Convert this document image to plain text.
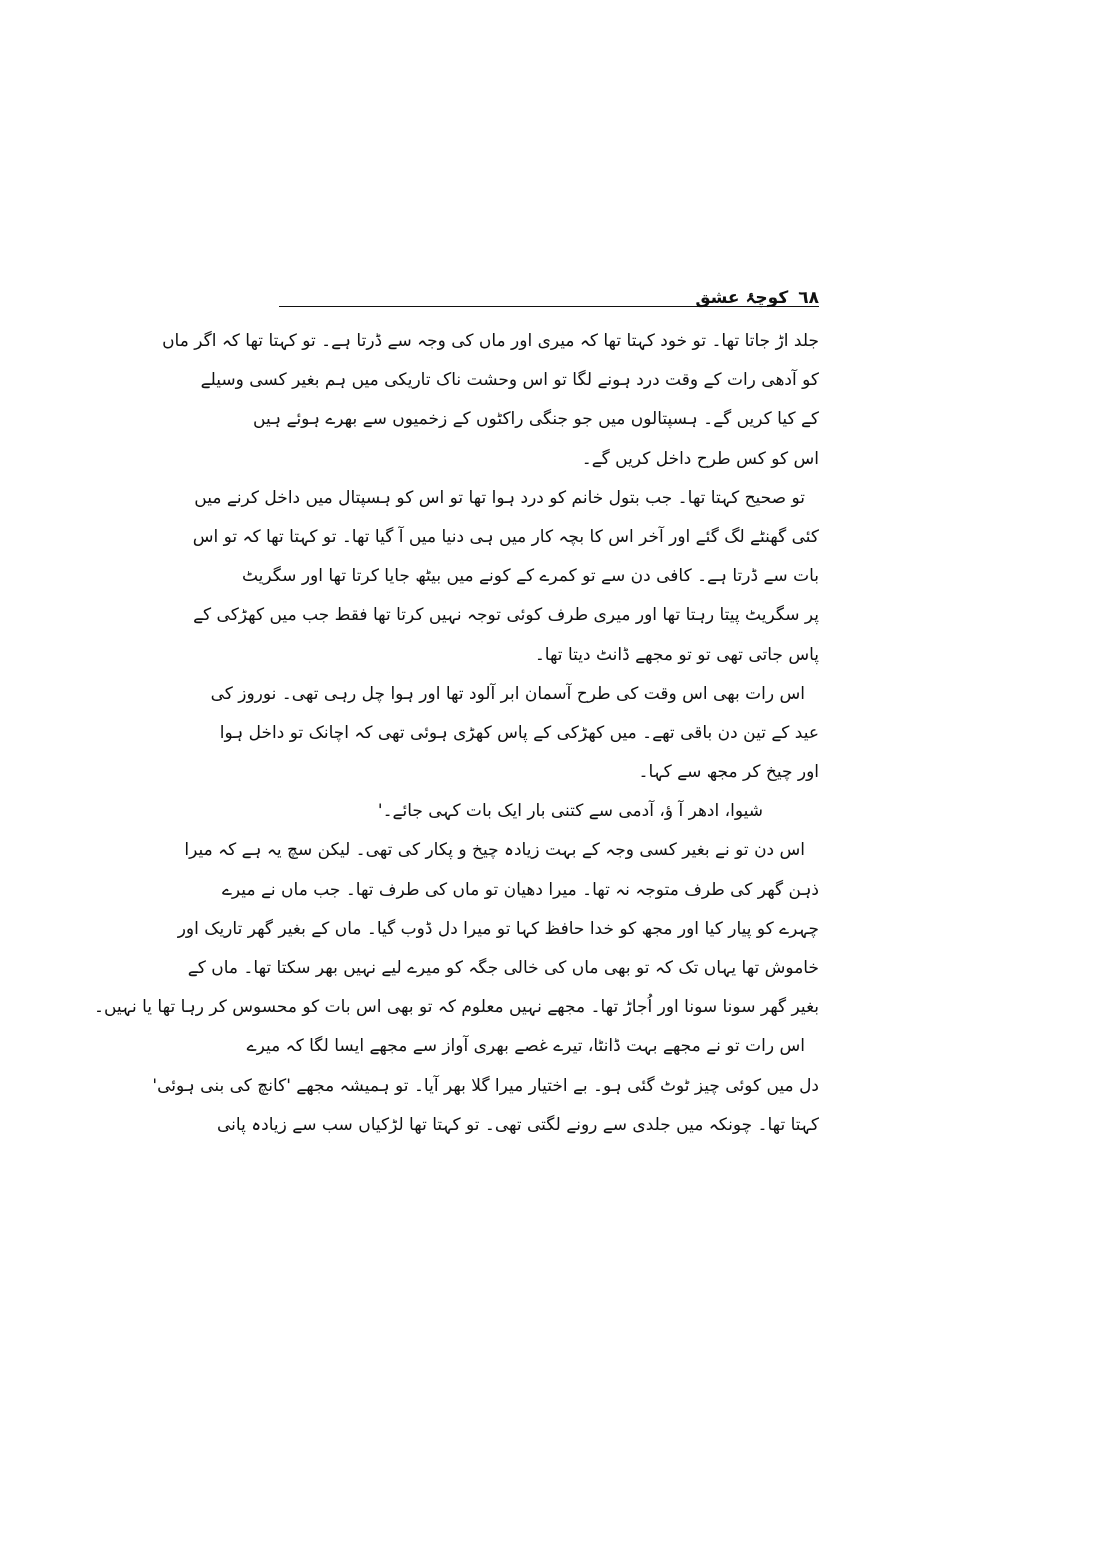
٦٨
کوچۂ عشق
جلد اڑ جاتا تھا۔ تو خود کہتا تھا کہ میری اور ماں کی وجہ سے ڈرتا ہے۔ تو کہتا تھا کہ اگر ماں
کو آدھی رات کے وقت درد ہونے لگا تو اس وحشت ناک تاریکی میں ہم بغیر کسی وسیلے
کے کیا کریں گے۔ ہسپتالوں میں جو جنگی راکٹوں کے زخمیوں سے بھرے ہوئے ہیں
اس کو کس طرح داخل کریں گے۔
تو صحیح کہتا تھا۔ جب بتول خانم کو درد ہوا تھا تو اس کو ہسپتال میں داخل کرنے میں
کئی گھنٹے لگ گئے اور آخر اس کا بچہ کار میں ہی دنیا میں آ گیا تھا۔ تو کہتا تھا کہ تو اس
بات سے ڈرتا ہے۔ کافی دن سے تو کمرے کے کونے میں بیٹھ جایا کرتا تھا اور سگریٹ
پر سگریٹ پیتا رہتا تھا اور میری طرف کوئی توجہ نہیں کرتا تھا فقط جب میں کھڑکی کے
پاس جاتی تھی تو تو مجھے ڈانٹ دیتا تھا۔
اس رات بھی اس وقت کی طرح آسمان ابر آلود تھا اور ہوا چل رہی تھی۔ نوروز کی
عید کے تین دن باقی تھے۔ میں کھڑکی کے پاس کھڑی ہوئی تھی کہ اچانک تو داخل ہوا
اور چیخ کر مجھ سے کہا۔
شیوا، ادھر آ ؤ، آدمی سے کتنی بار ایک بات کہی جائے۔'
اس دن تو نے بغیر کسی وجہ کے بہت زیادہ چیخ و پکار کی تھی۔ لیکن سچ یہ ہے کہ میرا
ذہن گھر کی طرف متوجہ نہ تھا۔ میرا دھیان تو ماں کی طرف تھا۔ جب ماں نے میرے
چہرے کو پیار کیا اور مجھ کو خدا حافظ کہا تو میرا دل ڈوب گیا۔ ماں کے بغیر گھر تاریک اور
خاموش تھا یہاں تک کہ تو بھی ماں کی خالی جگہ کو میرے لیے نہیں بھر سکتا تھا۔ ماں کے
بغیر گھر سونا سونا اور اُجاڑ تھا۔ مجھے نہیں معلوم کہ تو بھی اس بات کو محسوس کر رہا تھا یا نہیں۔
اس رات تو نے مجھے بہت ڈانٹا، تیرے غصے بھری آواز سے مجھے ایسا لگا کہ میرے
دل میں کوئی چیز ٹوٹ گئی ہو۔ بے اختیار میرا گلا بھر آیا۔ تو ہمیشہ مجھے 'کانچ کی بنی ہوئی'
کہتا تھا۔ چونکہ میں جلدی سے رونے لگتی تھی۔ تو کہتا تھا لڑکیاں سب سے زیادہ پانی
